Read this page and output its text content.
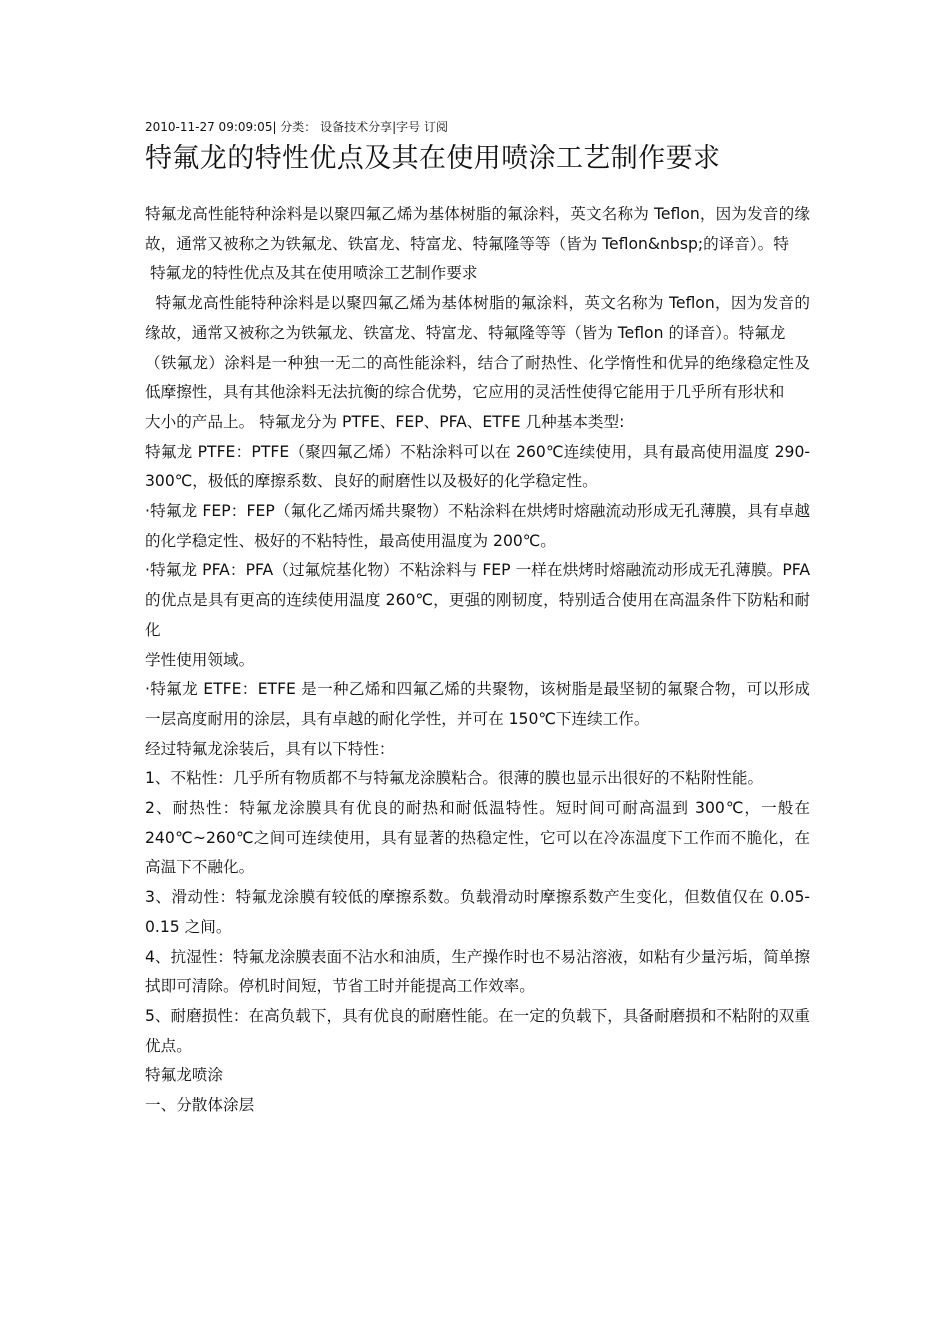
2010-11-27 09:09:05| 分类： 设备技术分享|字号 订阅

特氟龙的特性优点及其在使用喷涂工艺制作要求

特氟龙高性能特种涂料是以聚四氟乙烯为基体树脂的氟涂料，英文名称为 Teflon，因为发音的缘故，通常又被称之为铁氟龙、铁富龙、特富龙、特氟隆等等（皆为 Teflon&nbsp;的译音）。特

特氟龙的特性优点及其在使用喷涂工艺制作要求

特氟龙高性能特种涂料是以聚四氟乙烯为基体树脂的氟涂料，英文名称为 Teflon，因为发音的缘故，通常又被称之为铁氟龙、铁富龙、特富龙、特氟隆等等（皆为 Teflon 的译音）。特氟龙

（铁氟龙）涂料是一种独一无二的高性能涂料，结合了耐热性、化学惰性和优异的绝缘稳定性及低摩擦性，具有其他涂料无法抗衡的综合优势，它应用的灵活性使得它能用于几乎所有形状和

大小的产品上。 特氟龙分为 PTFE、FEP、PFA、ETFE 几种基本类型:

特氟龙 PTFE：PTFE（聚四氟乙烯）不粘涂料可以在 260℃连续使用，具有最高使用温度 290-300℃，极低的摩擦系数、良好的耐磨性以及极好的化学稳定性。

·特氟龙 FEP：FEP（氟化乙烯丙烯共聚物）不粘涂料在烘烤时熔融流动形成无孔薄膜，具有卓越的化学稳定性、极好的不粘特性，最高使用温度为 200℃。

·特氟龙 PFA：PFA（过氟烷基化物）不粘涂料与 FEP 一样在烘烤时熔融流动形成无孔薄膜。PFA 的优点是具有更高的连续使用温度 260℃，更强的刚韧度，特别适合使用在高温条件下防粘和耐化

学性使用领域。

·特氟龙 ETFE：ETFE 是一种乙烯和四氟乙烯的共聚物，该树脂是最坚韧的氟聚合物，可以形成一层高度耐用的涂层，具有卓越的耐化学性，并可在 150℃下连续工作。

经过特氟龙涂装后，具有以下特性：

1、不粘性：几乎所有物质都不与特氟龙涂膜粘合。很薄的膜也显示出很好的不粘附性能。

2、耐热性：特氟龙涂膜具有优良的耐热和耐低温特性。短时间可耐高温到 300℃，一般在 240℃~260℃之间可连续使用，具有显著的热稳定性，它可以在冷冻温度下工作而不脆化，在高温下不融化。

3、滑动性：特氟龙涂膜有较低的摩擦系数。负载滑动时摩擦系数产生变化，但数值仅在 0.05-0.15 之间。

4、抗湿性：特氟龙涂膜表面不沾水和油质，生产操作时也不易沾溶液，如粘有少量污垢，简单擦拭即可清除。停机时间短，节省工时并能提高工作效率。

5、耐磨损性：在高负载下，具有优良的耐磨性能。在一定的负载下，具备耐磨损和不粘附的双重优点。

特氟龙喷涂

一、分散体涂层
